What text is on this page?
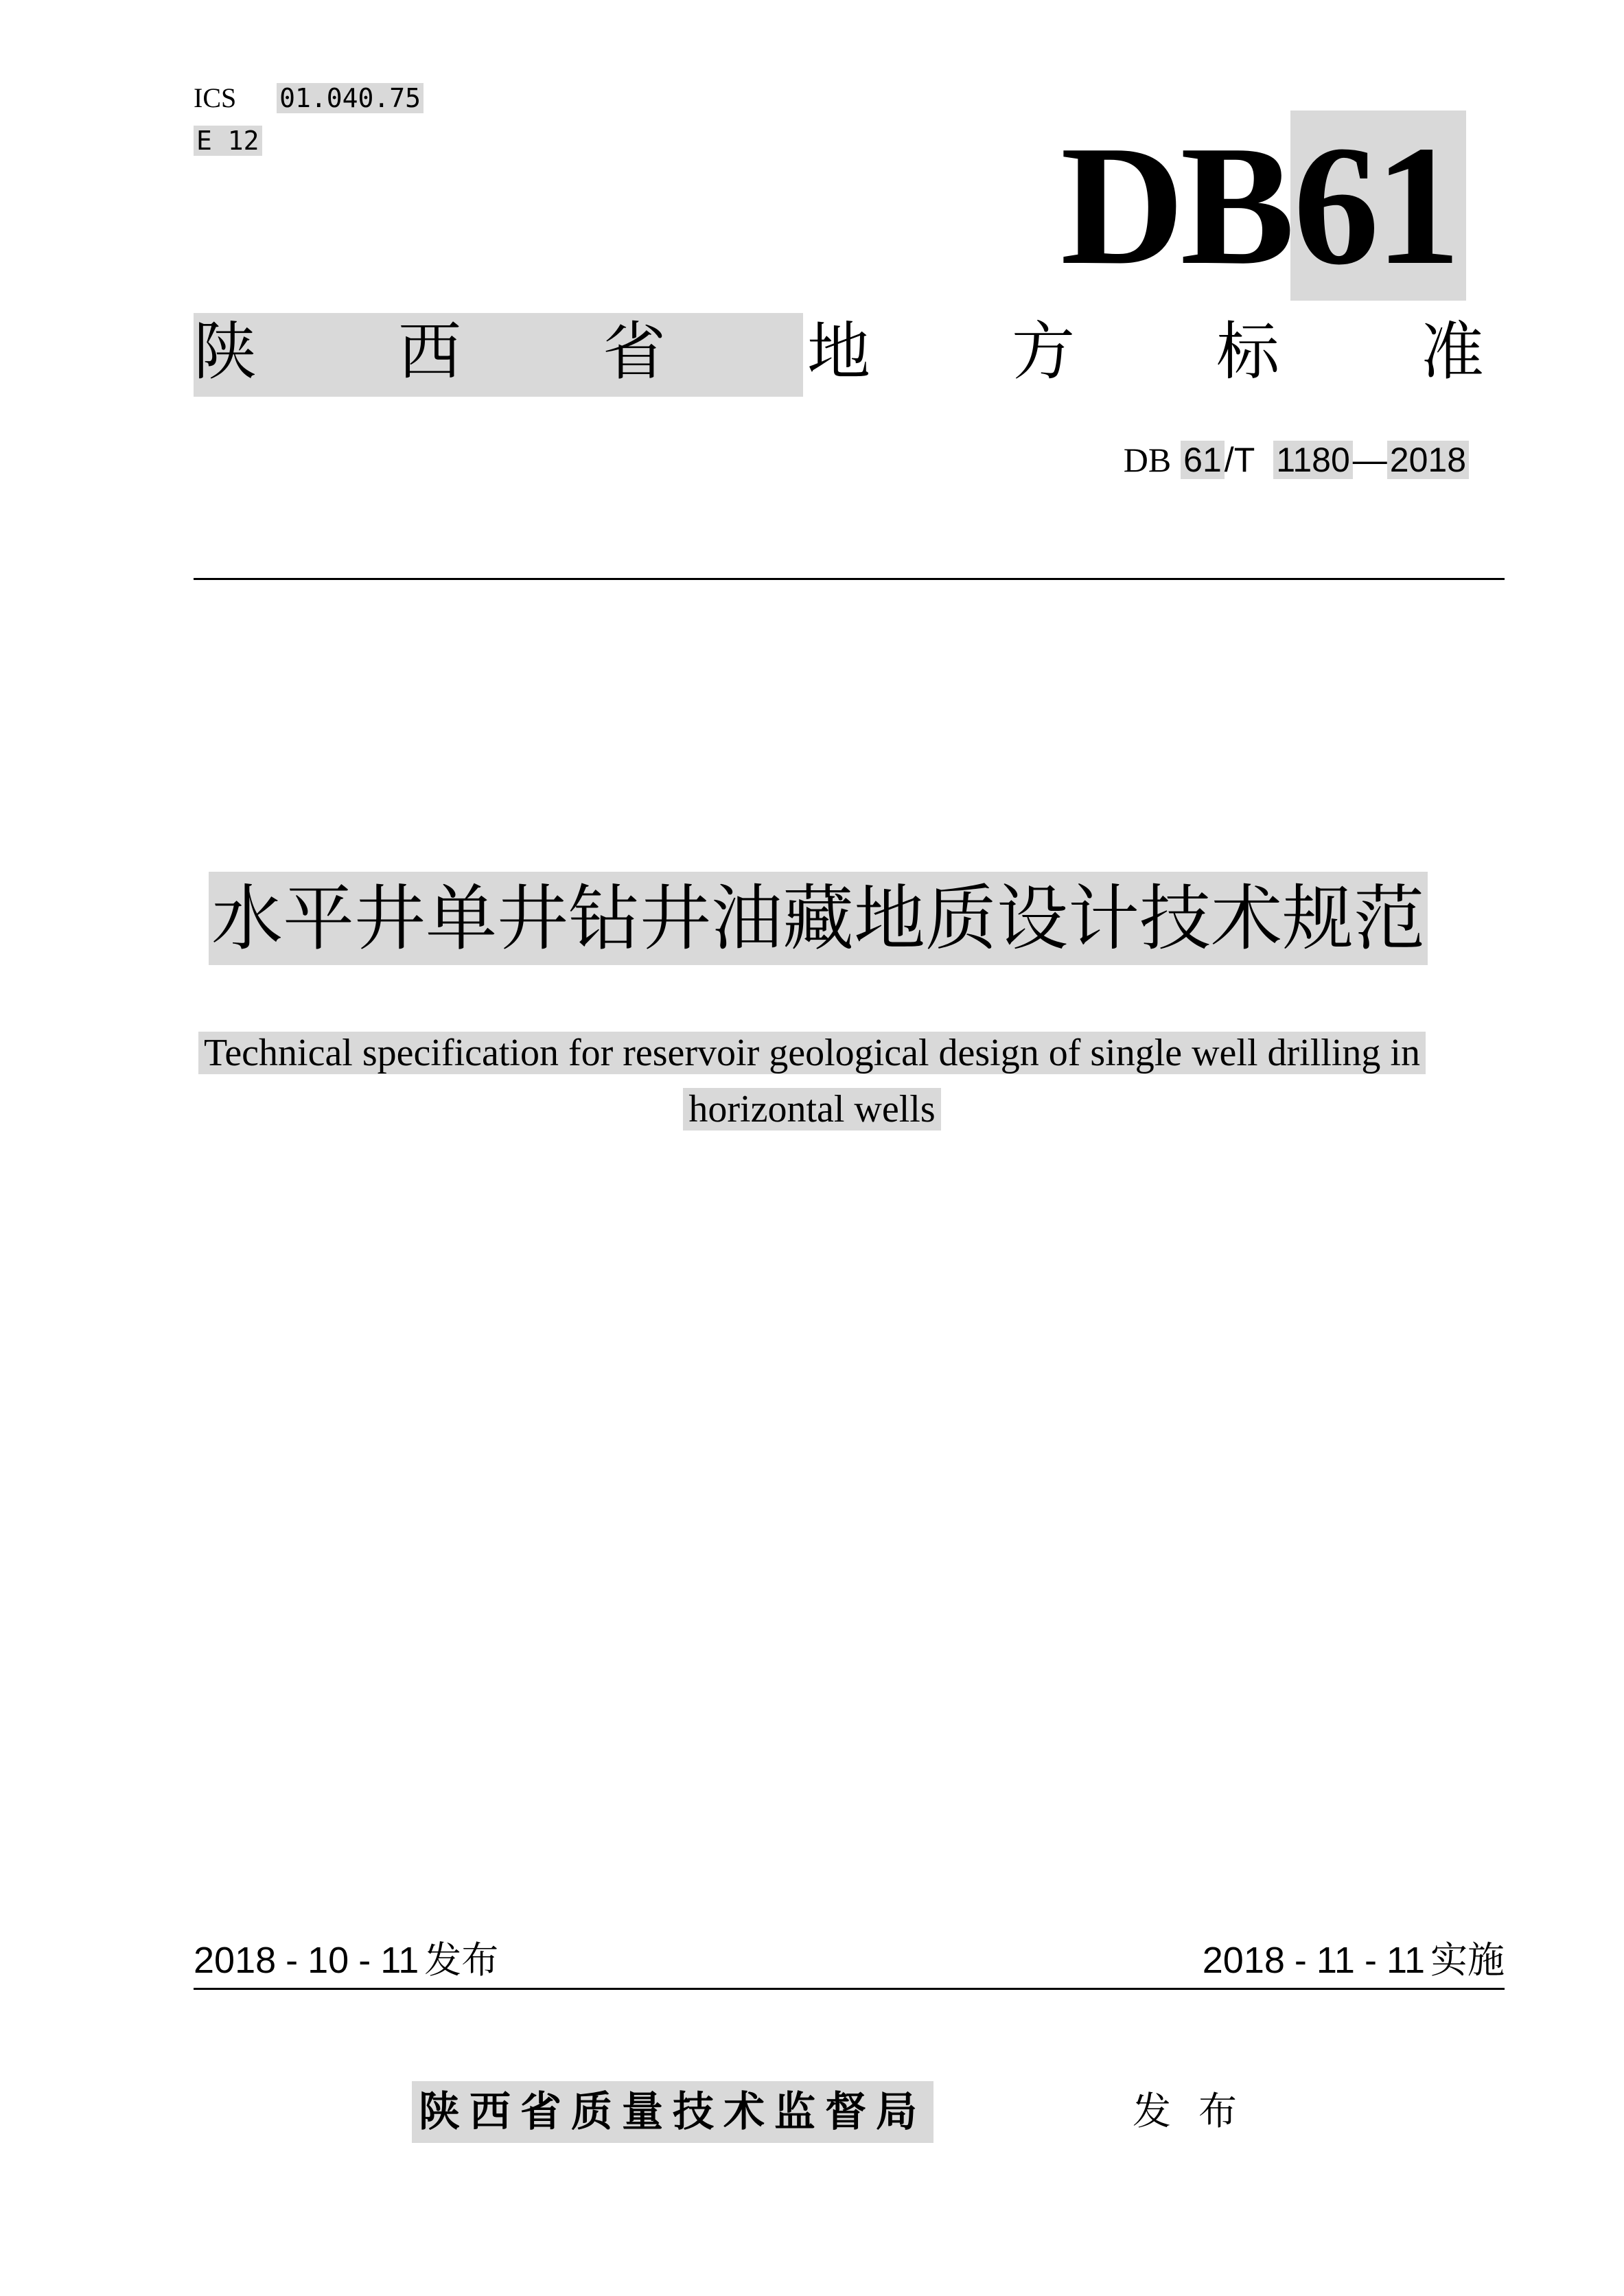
ICS 01.040.75
E 12	DB61
陕 西 省 地 方 标 准
DB 61/T 1180—2018
水平井单井钻井油藏地质设计技术规范
Technical specification for reservoir geological design of single well drilling in
horizontal wells
2018 - 10 - 11 发布	2018 - 11 - 11 实施
陕西省质量技术监督局	发布
